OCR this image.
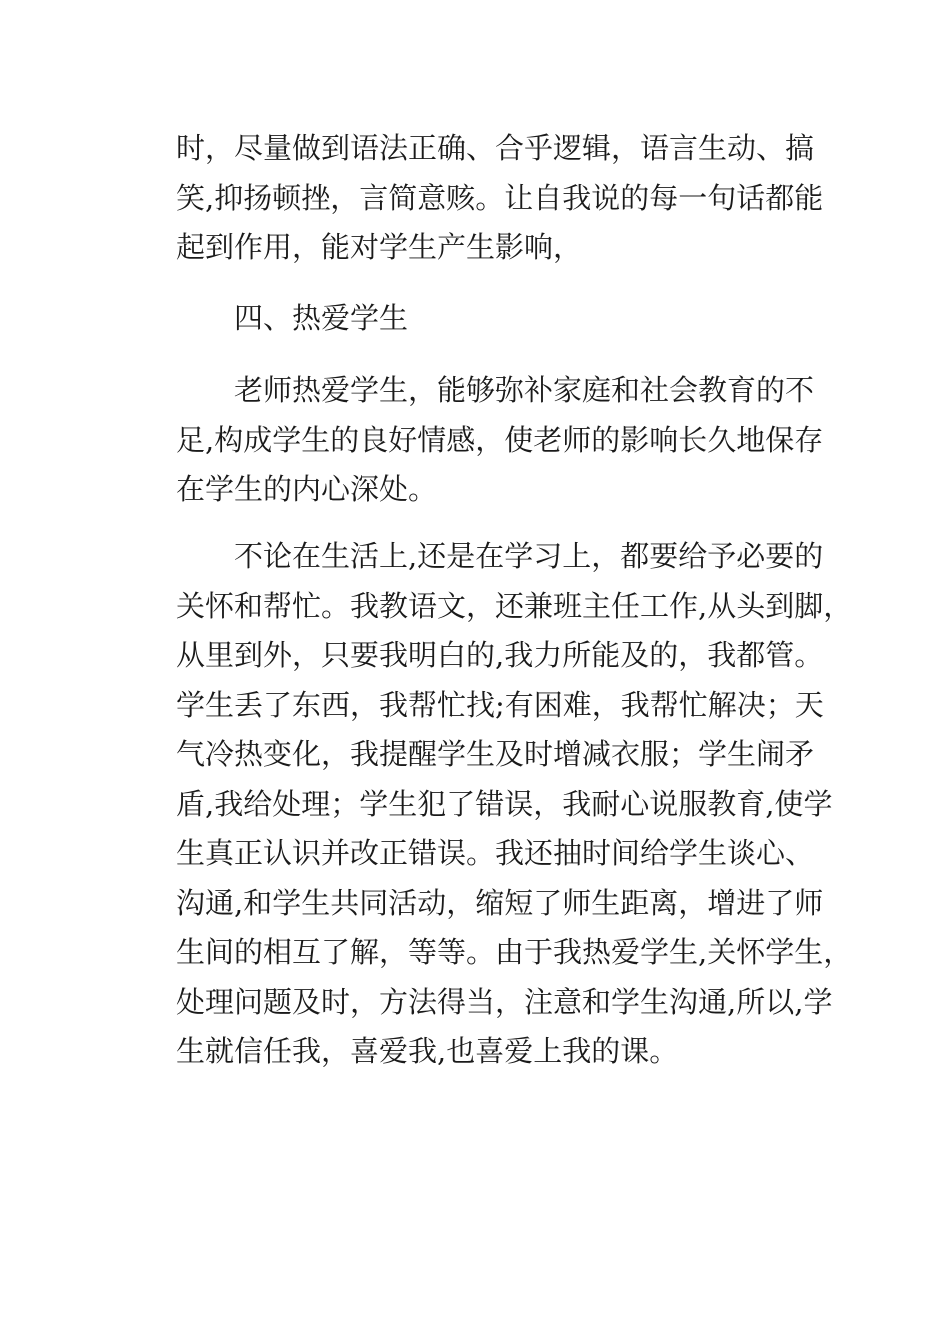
时，尽量做到语法正确、合乎逻辑，语言生动、搞
笑,抑扬顿挫，言简意赅。让自我说的每一句话都能
起到作用，能对学生产生影响，
四、热爱学生
老师热爱学生，能够弥补家庭和社会教育的不
足,构成学生的良好情感，使老师的影响长久地保存
在学生的内心深处。
不论在生活上,还是在学习上，都要给予必要的
关怀和帮忙。我教语文，还兼班主任工作,从头到脚，
从里到外，只要我明白的,我力所能及的，我都管。
学生丢了东西，我帮忙找;有困难，我帮忙解决；天
气冷热变化，我提醒学生及时增减衣服；学生闹矛
盾,我给处理；学生犯了错误，我耐心说服教育,使学
生真正认识并改正错误。我还抽时间给学生谈心、
沟通,和学生共同活动，缩短了师生距离，增进了师
生间的相互了解，等等。由于我热爱学生,关怀学生，
处理问题及时，方法得当，注意和学生沟通,所以,学
生就信任我，喜爱我,也喜爱上我的课。
